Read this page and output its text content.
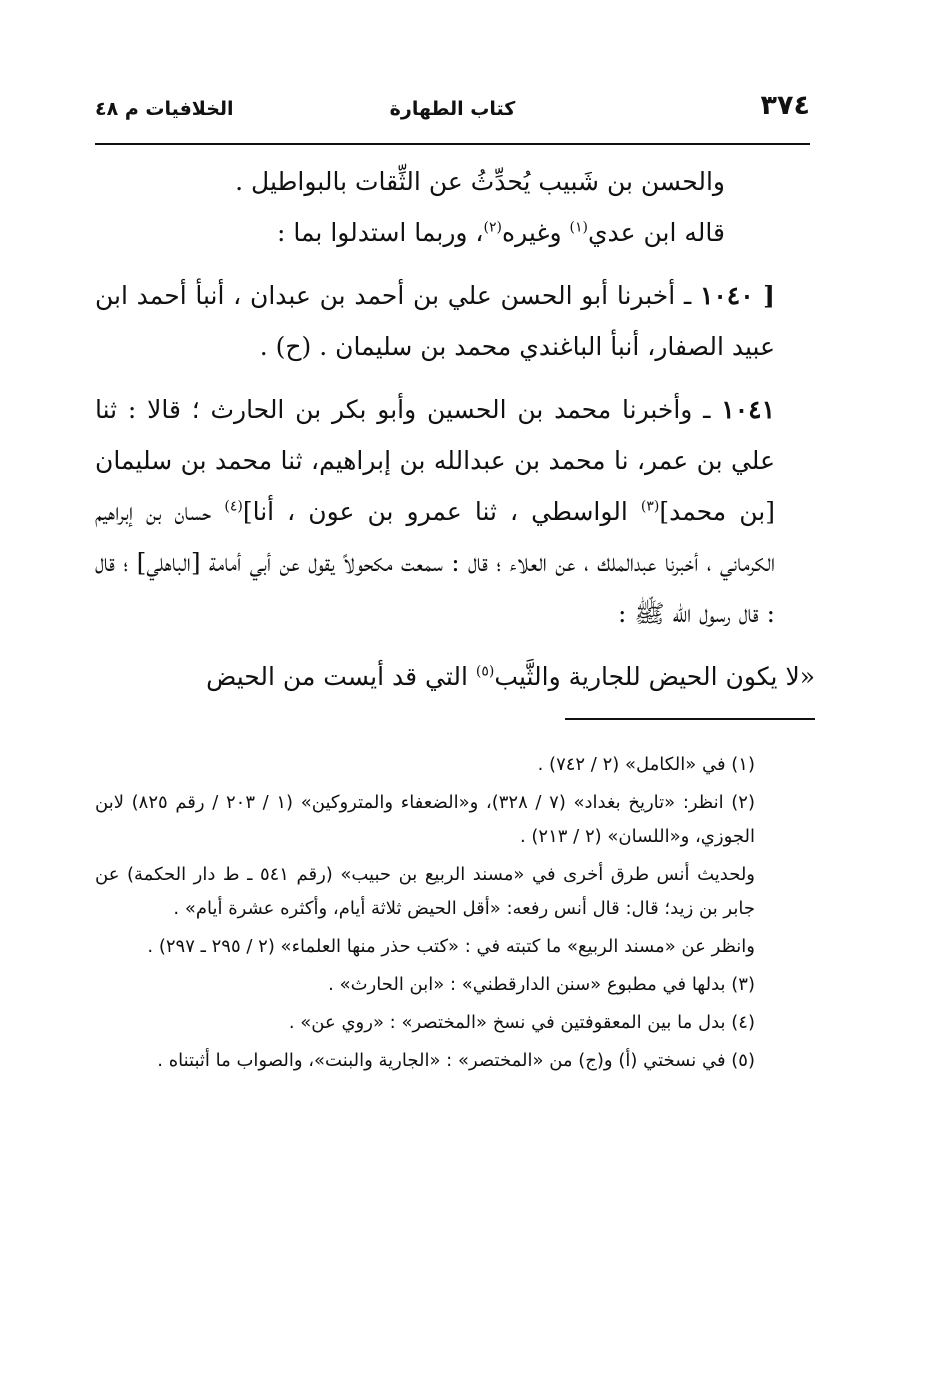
٣٧٤
كتاب الطهارة
الخلافيات م ٤٨

والحسن بن شَبيب يُحدِّثُ عن الثِّقات بالبواطيل .

قاله ابن عدي$^{(١)}$ وغيره$^{(٢)}$، وربما استدلوا بما :

[ ١٠٤٠ ـ أخبرنا أبو الحسن علي بن أحمد بن عبدان ، أنبأ أحمد ابن عبيد الصفار، أنبأ الباغندي محمد بن سليمان . (ح) .

١٠٤١ ـ وأخبرنا محمد بن الحسين وأبو بكر بن الحارث ؛ قالا : ثنا علي بن عمر، نا محمد بن عبدالله بن إبراهيم، ثنا محمد بن سليمان [بن محمد]$^{(٣)}$ الواسطي ، ثنا عمرو بن عون ، أنا]$^{(٤)}$ حسان بن إبراهيم الكرماني ، أخبرنا عبدالملك ، عن العلاء ؛ قال : سمعت مكحولاً يقول عن أبي أمامة [الباهلي] ؛ قال : قال رسول الله ﷺ :

«لا يكون الحيض للجارية والثَّيب$^{(٥)}$ التي قد أيست من الحيض

(١) في «الكامل» (٢ / ٧٤٢) .

(٢) انظر: «تاريخ بغداد» (٧ / ٣٢٨)، و«الضعفاء والمتروكين» (١ / ٢٠٣ / رقم ٨٢٥) لابن الجوزي، و«اللسان» (٢ / ٢١٣) .

ولحديث أنس طرق أخرى في «مسند الربيع بن حبيب» (رقم ٥٤١ ـ ط دار الحكمة) عن جابر بن زيد؛ قال: قال أنس رفعه: «أقل الحيض ثلاثة أيام، وأكثره عشرة أيام» .

وانظر عن «مسند الربيع» ما كتبته في : «كتب حذر منها العلماء» (٢ / ٢٩٥ ـ ٢٩٧) .

(٣) بدلها في مطبوع «سنن الدارقطني» : «ابن الحارث» .

(٤) بدل ما بين المعقوفتين في نسخ «المختصر» : «روي عن» .

(٥) في نسختي (أ) و(ج) من «المختصر» : «الجارية والبنت»، والصواب ما أثبتناه .
